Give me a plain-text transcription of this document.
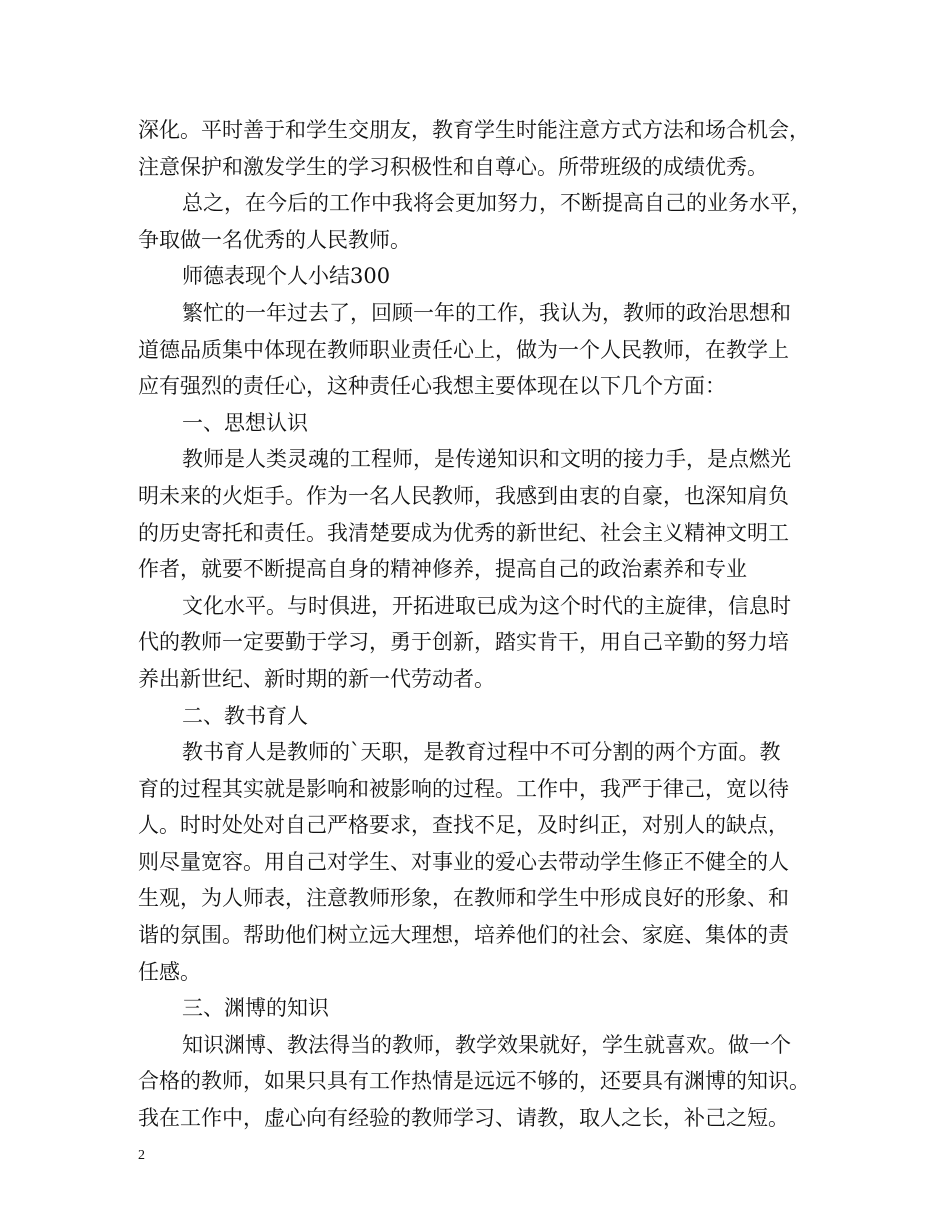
深化。平时善于和学生交朋友，教育学生时能注意方式方法和场合机会，
注意保护和激发学生的学习积极性和自尊心。所带班级的成绩优秀。
总之，在今后的工作中我将会更加努力，不断提高自己的业务水平，
争取做一名优秀的人民教师。
师德表现个人小结300
繁忙的一年过去了，回顾一年的工作，我认为，教师的政治思想和
道德品质集中体现在教师职业责任心上，做为一个人民教师，在教学上
应有强烈的责任心，这种责任心我想主要体现在以下几个方面：
一、思想认识
教师是人类灵魂的工程师，是传递知识和文明的接力手，是点燃光
明未来的火炬手。作为一名人民教师，我感到由衷的自豪，也深知肩负
的历史寄托和责任。我清楚要成为优秀的新世纪、社会主义精神文明工
作者，就要不断提高自身的精神修养，提高自己的政治素养和专业
文化水平。与时俱进，开拓进取已成为这个时代的主旋律，信息时
代的教师一定要勤于学习，勇于创新，踏实肯干，用自己辛勤的努力培
养出新世纪、新时期的新一代劳动者。
二、教书育人
教书育人是教师的`天职，是教育过程中不可分割的两个方面。教
育的过程其实就是影响和被影响的过程。工作中，我严于律己，宽以待
人。时时处处对自己严格要求，查找不足，及时纠正，对别人的缺点，
则尽量宽容。用自己对学生、对事业的爱心去带动学生修正不健全的人
生观，为人师表，注意教师形象，在教师和学生中形成良好的形象、和
谐的氛围。帮助他们树立远大理想，培养他们的社会、家庭、集体的责
任感。
三、渊博的知识
知识渊博、教法得当的教师，教学效果就好，学生就喜欢。做一个
合格的教师，如果只具有工作热情是远远不够的，还要具有渊博的知识。
我在工作中，虚心向有经验的教师学习、请教，取人之长，补己之短。
2
